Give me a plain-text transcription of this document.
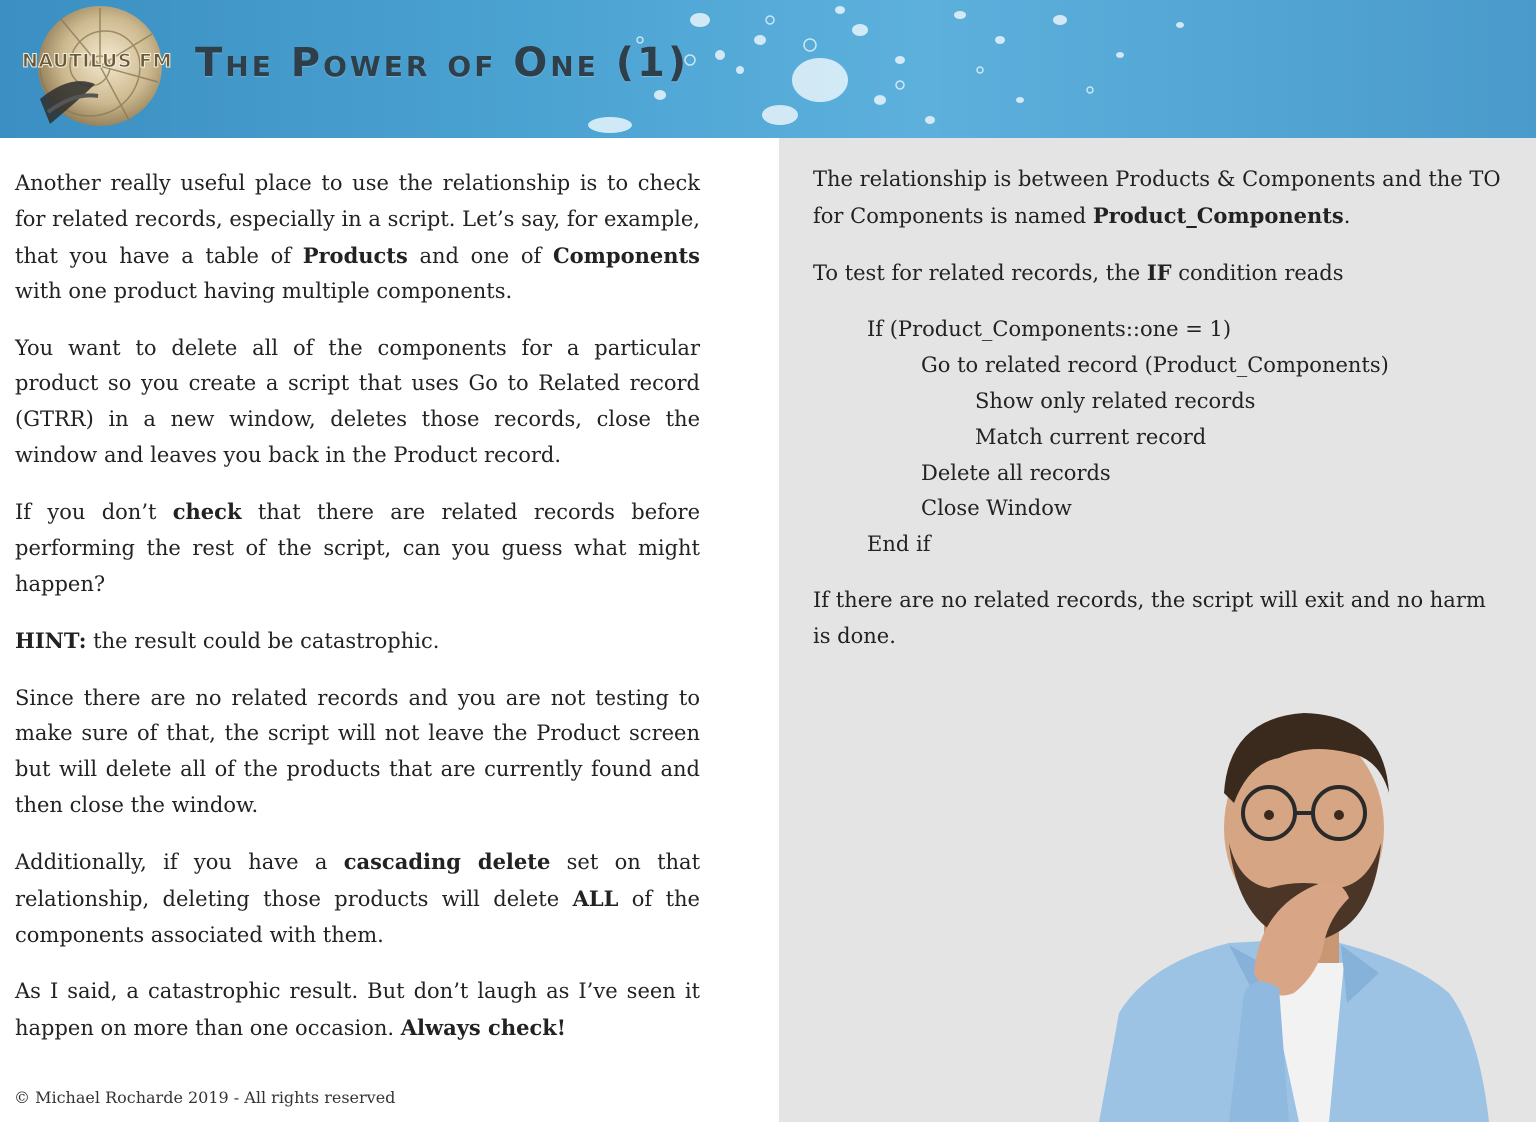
NAUTILUS FM The Power of One (1)

Another really useful place to use the relationship is to check for related records, especially in a script. Let’s say, for example, that you have a table of Products and one of Components with one product having multiple components.

You want to delete all of the components for a particular product so you create a script that uses Go to Related record (GTRR) in a new window, deletes those records, close the window and leaves you back in the Product record.

If you don’t check that there are related records before performing the rest of the script, can you guess what might happen?

HINT: the result could be catastrophic.

Since there are no related records and you are not testing to make sure of that, the script will not leave the Product screen but will delete all of the products that are currently found and then close the window.

Additionally, if you have a cascading delete set on that relationship, deleting those products will delete ALL of the components associated with them.

As I said, a catastrophic result. But don’t laugh as I’ve seen it happen on more than one occasion. Always check!

© Michael Rocharde 2019 - All rights reserved

The relationship is between Products & Components and the TO for Components is named Product_Components.

To test for related records, the IF condition reads

If (Product_Components::one = 1)
Go to related record (Product_Components)
Show only related records
Match current record
Delete all records
Close Window
End if

If there are no related records, the script will exit and no harm is done.
